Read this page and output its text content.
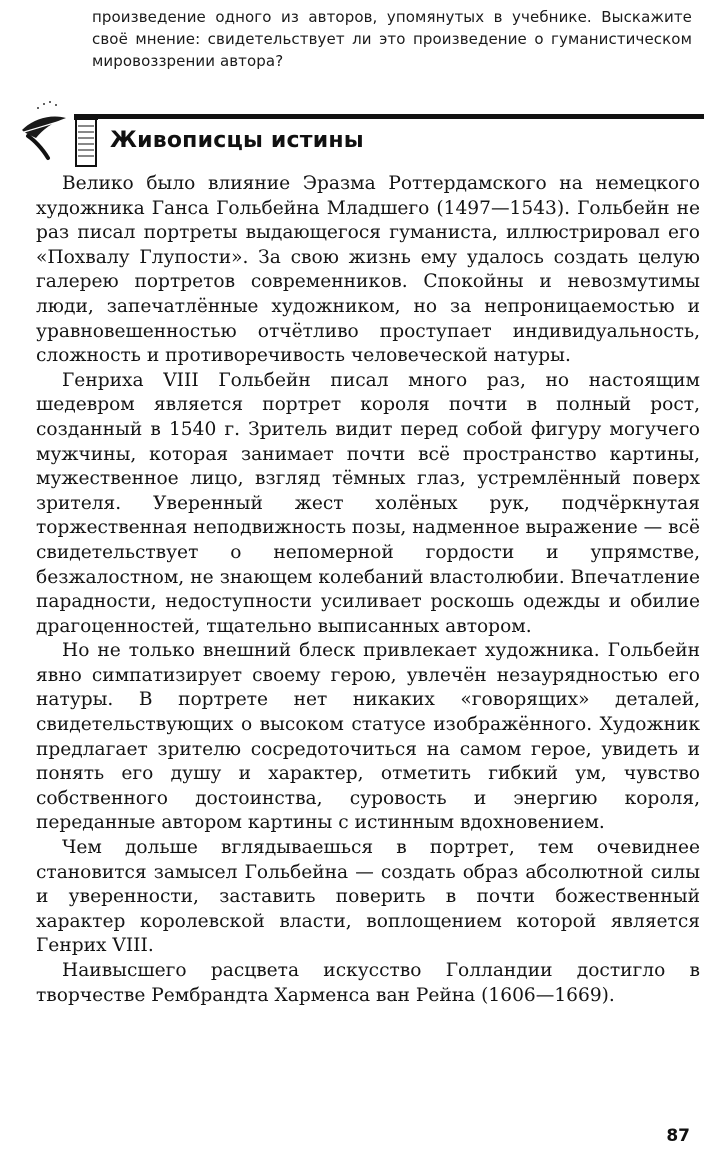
произведение одного из авторов, упомянутых в учебнике. Выскажите своё мнение: свидетельствует ли это произведение о гуманистическом мировоззрении автора?

Живописцы истины

Велико было влияние Эразма Роттердамского на немецкого художника Ганса Гольбейна Младшего (1497—1543). Гольбейн не раз писал портреты выдающегося гуманиста, иллюстрировал его «Похвалу Глупости». За свою жизнь ему удалось создать целую галерею портретов современников. Спокойны и невозмутимы люди, запечатлённые художником, но за непроницаемостью и уравновешенностью отчётливо проступает индивидуальность, сложность и противоречивость человеческой натуры.

Генриха VIII Гольбейн писал много раз, но настоящим шедевром является портрет короля почти в полный рост, созданный в 1540 г. Зритель видит перед собой фигуру могучего мужчины, которая занимает почти всё пространство картины, мужественное лицо, взгляд тёмных глаз, устремлённый поверх зрителя. Уверенный жест холёных рук, подчёркнутая торжественная неподвижность позы, надменное выражение — всё свидетельствует о непомерной гордости и упрямстве, безжалостном, не знающем колебаний властолюбии. Впечатление парадности, недоступности усиливает роскошь одежды и обилие драгоценностей, тщательно выписанных автором.

Но не только внешний блеск привлекает художника. Гольбейн явно симпатизирует своему герою, увлечён незаурядностью его натуры. В портрете нет никаких «говорящих» деталей, свидетельствующих о высоком статусе изображённого. Художник предлагает зрителю сосредоточиться на самом герое, увидеть и понять его душу и характер, отметить гибкий ум, чувство собственного достоинства, суровость и энергию короля, переданные автором картины с истинным вдохновением.

Чем дольше вглядываешься в портрет, тем очевиднее становится замысел Гольбейна — создать образ абсолютной силы и уверенности, заставить поверить в почти божественный характер королевской власти, воплощением которой является Генрих VIII.

Наивысшего расцвета искусство Голландии достигло в творчестве Рембрандта Харменса ван Рейна (1606—1669).

87
